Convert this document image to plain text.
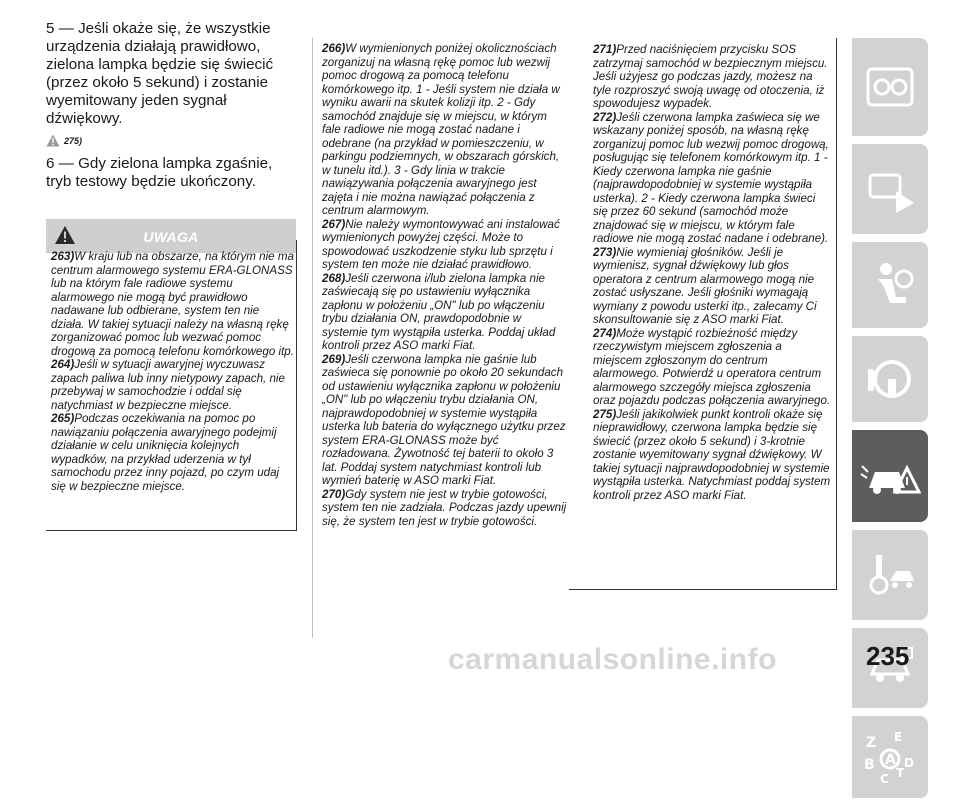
5 — Jeśli okaże się, że wszystkie urządzenia działają prawidłowo, zielona lampka będzie się świecić (przez około 5 sekund) i zostanie wyemitowany jeden sygnał dźwiękowy.

275)

6 — Gdy zielona lampka zgaśnie, tryb testowy będzie ukończony.

UWAGA

263)W kraju lub na obszarze, na którym nie ma centrum alarmowego systemu ERA-GLONASS lub na którym fale radiowe systemu alarmowego nie mogą być prawidłowo nadawane lub odbierane, system ten nie działa. W takiej sytuacji należy na własną rękę zorganizować pomoc lub wezwać pomoc drogową za pomocą telefonu komórkowego itp.

264)Jeśli w sytuacji awaryjnej wyczuwasz zapach paliwa lub inny nietypowy zapach, nie przebywaj w samochodzie i oddal się natychmiast w bezpieczne miejsce.

265)Podczas oczekiwania na pomoc po nawiązaniu połączenia awaryjnego podejmij działanie w celu uniknięcia kolejnych wypadków, na przykład uderzenia w tył samochodu przez inny pojazd, po czym udaj się w bezpieczne miejsce.

266)W wymienionych poniżej okolicznościach zorganizuj na własną rękę pomoc lub wezwij pomoc drogową za pomocą telefonu komórkowego itp. 1 - Jeśli system nie działa w wyniku awarii na skutek kolizji itp. 2 - Gdy samochód znajduje się w miejscu, w którym fale radiowe nie mogą zostać nadane i odebrane (na przykład w pomieszczeniu, w parkingu podziemnych, w obszarach górskich, w tunelu itd.). 3 - Gdy linia w trakcie nawiązywania połączenia awaryjnego jest zajęta i nie można nawiązać połączenia z centrum alarmowym.

267)Nie należy wymontowywać ani instalować wymienionych powyżej części. Może to spowodować uszkodzenie styku lub sprzętu i system ten może nie działać prawidłowo.

268)Jeśli czerwona i/lub zielona lampka nie zaświecają się po ustawieniu wyłącznika zapłonu w położeniu „ON" lub po włączeniu trybu działania ON, prawdopodobnie w systemie tym wystąpiła usterka. Poddaj układ kontroli przez ASO marki Fiat.

269)Jeśli czerwona lampka nie gaśnie lub zaświeca się ponownie po około 20 sekundach od ustawieniu wyłącznika zapłonu w położeniu „ON" lub po włączeniu trybu działania ON, najprawdopodobniej w systemie wystąpiła usterka lub bateria do wyłącznego użytku przez system ERA-GLONASS może być rozładowana. Żywotność tej baterii to około 3 lat. Poddaj system natychmiast kontroli lub wymień baterię w ASO marki Fiat.

270)Gdy system nie jest w trybie gotowości, system ten nie zadziała. Podczas jazdy upewnij się, że system ten jest w trybie gotowości.

271)Przed naciśnięciem przycisku SOS zatrzymaj samochód w bezpiecznym miejscu. Jeśli użyjesz go podczas jazdy, możesz na tyle rozproszyć swoją uwagę od otoczenia, iż spowodujesz wypadek.

272)Jeśli czerwona lampka zaświeca się we wskazany poniżej sposób, na własną rękę zorganizuj pomoc lub wezwij pomoc drogową, posługując się telefonem komórkowym itp. 1 - Kiedy czerwona lampka nie gaśnie (najprawdopodobniej w systemie wystąpiła usterka). 2 - Kiedy czerwona lampka świeci się przez 60 sekund (samochód może znajdować się w miejscu, w którym fale radiowe nie mogą zostać nadane i odebrane).

273)Nie wymieniaj głośników. Jeśli je wymienisz, sygnał dźwiękowy lub głos operatora z centrum alarmowego mogą nie zostać usłyszane. Jeśli głośniki wymagają wymiany z powodu usterki itp., zalecamy Ci skonsultowanie się z ASO marki Fiat.

274)Może wystąpić rozbieżność między rzeczywistym miejscem zgłoszenia a miejscem zgłoszonym do centrum alarmowego. Potwierdź u operatora centrum alarmowego szczegóły miejsca zgłoszenia oraz pojazdu podczas połączenia awaryjnego.

275)Jeśli jakikolwiek punkt kontroli okaże się nieprawidłowy, czerwona lampka będzie się świecić (przez około 5 sekund) i 3-krotnie zostanie wyemitowany sygnał dźwiękowy. W takiej sytuacji najprawdopodobniej w systemie wystąpiła usterka. Natychmiast poddaj system kontroli przez ASO marki Fiat.

Z E
B
C T
D
A
carmanualsonline.info	235
